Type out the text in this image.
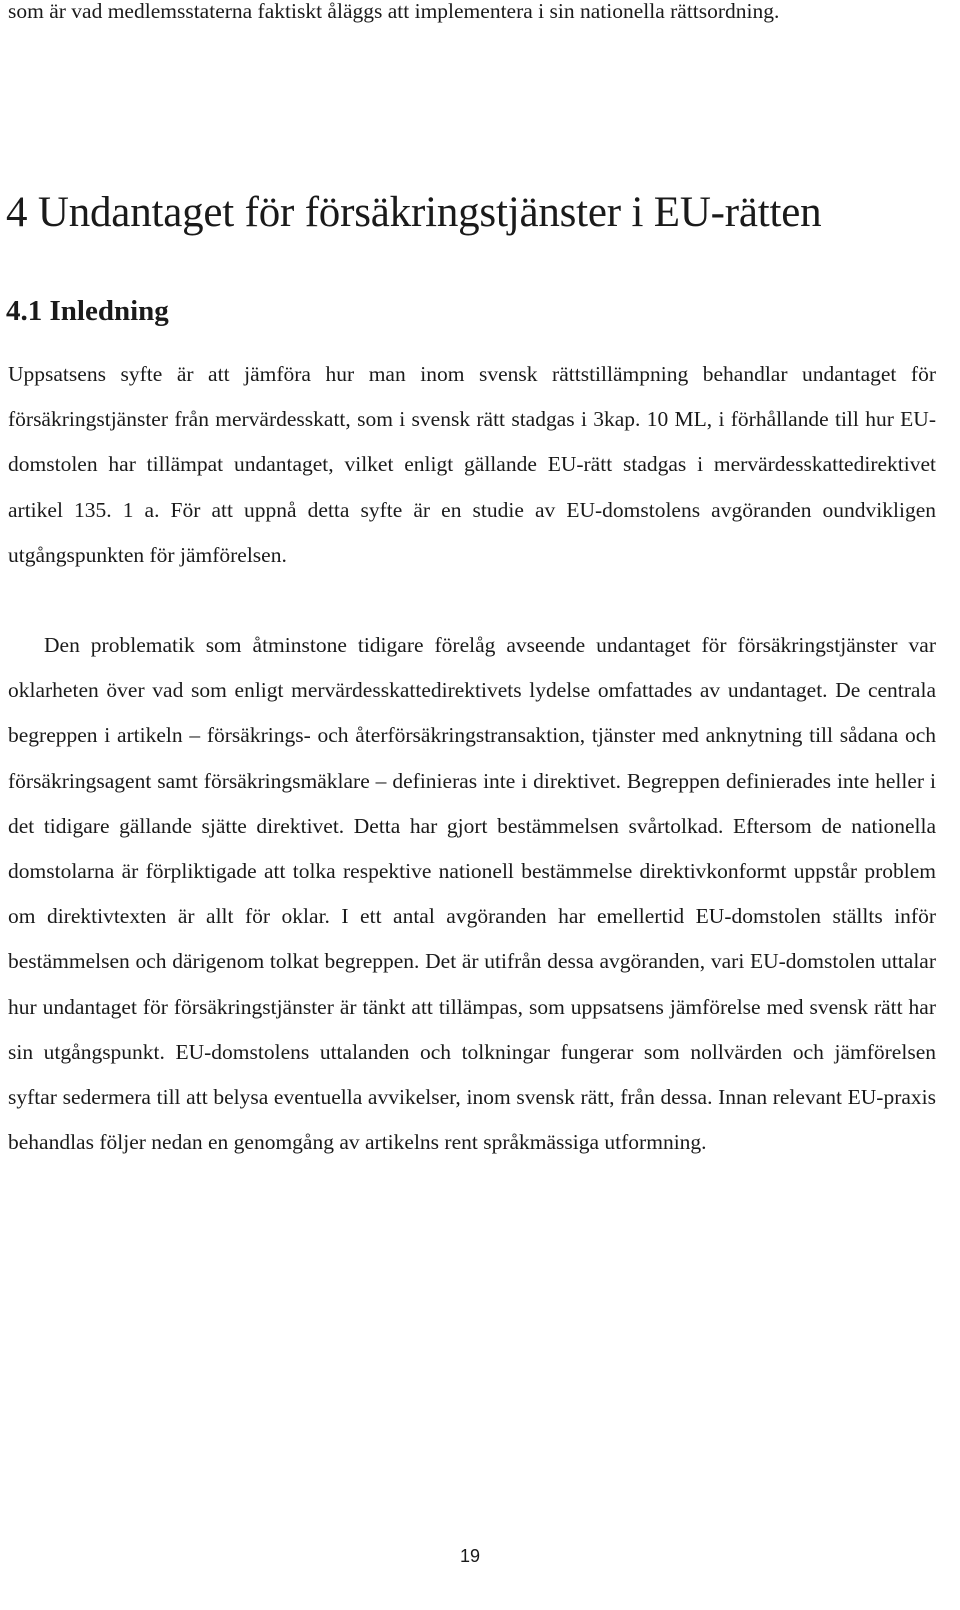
som är vad medlemsstaterna faktiskt åläggs att implementera i sin nationella rättsordning.

4 Undantaget för försäkringstjänster i EU-rätten
4.1 Inledning

Uppsatsens syfte är att jämföra hur man inom svensk rättstillämpning behandlar undantaget för försäkringstjänster från mervärdesskatt, som i svensk rätt stadgas i 3kap. 10 ML, i förhållande till hur EU-domstolen har tillämpat undantaget, vilket enligt gällande EU-rätt stadgas i mervärdesskattedirektivet artikel 135. 1 a. För att uppnå detta syfte är en studie av EU-domstolens avgöranden oundvikligen utgångspunkten för jämförelsen.

Den problematik som åtminstone tidigare förelåg avseende undantaget för försäkringstjänster var oklarheten över vad som enligt mervärdesskattedirektivets lydelse omfattades av undantaget. De centrala begreppen i artikeln – försäkrings- och återförsäkringstransaktion, tjänster med anknytning till sådana och försäkringsagent samt försäkringsmäklare – definieras inte i direktivet. Begreppen definierades inte heller i det tidigare gällande sjätte direktivet. Detta har gjort bestämmelsen svårtolkad. Eftersom de nationella domstolarna är förpliktigade att tolka respektive nationell bestämmelse direktivkonformt uppstår problem om direktivtexten är allt för oklar. I ett antal avgöranden har emellertid EU-domstolen ställts inför bestämmelsen och därigenom tolkat begreppen. Det är utifrån dessa avgöranden, vari EU-domstolen uttalar hur undantaget för försäkringstjänster är tänkt att tillämpas, som uppsatsens jämförelse med svensk rätt har sin utgångspunkt. EU-domstolens uttalanden och tolkningar fungerar som nollvärden och jämförelsen syftar sedermera till att belysa eventuella avvikelser, inom svensk rätt, från dessa. Innan relevant EU-praxis behandlas följer nedan en genomgång av artikelns rent språkmässiga utformning.

19
